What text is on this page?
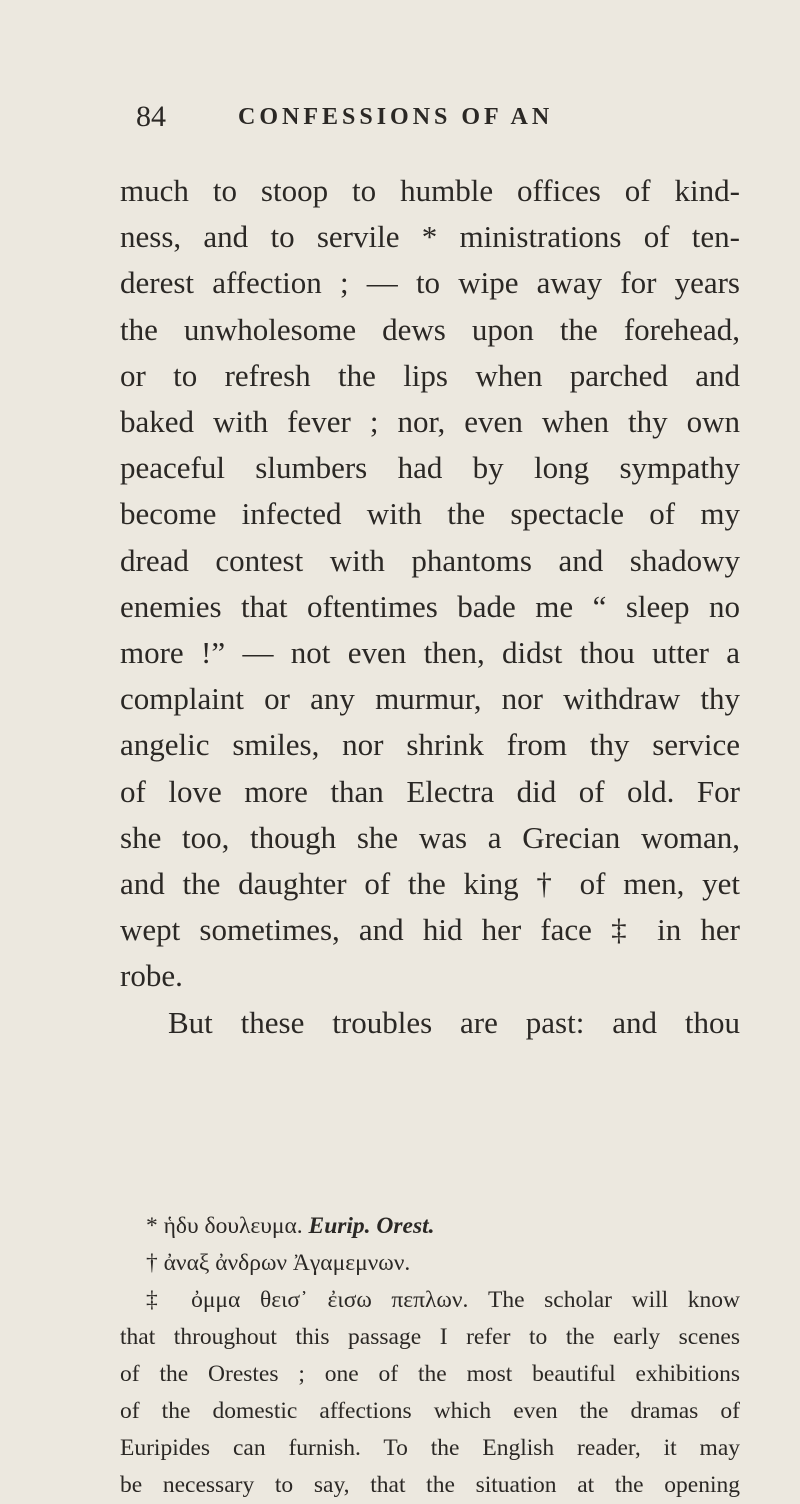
84	CONFESSIONS OF AN
much to stoop to humble offices of kind-
ness, and to servile * ministrations of ten-
derest affection ; — to wipe away for years
the unwholesome dews upon the forehead,
or to refresh the lips when parched and
baked with fever ; nor, even when thy own
peaceful slumbers had by long sympathy
become infected with the spectacle of my
dread contest with phantoms and shadowy
enemies that oftentimes bade me “ sleep no
more !” — not even then, didst thou utter a
complaint or any murmur, nor withdraw thy
angelic smiles, nor shrink from thy service
of love more than Electra did of old. For
she too, though she was a Grecian woman,
and the daughter of the king † of men, yet
wept sometimes, and hid her face ‡ in her
robe.
But these troubles are past: and thou
* ἡδυ δουλευμα. Eurip. Orest.
† ἀναξ ἀνδρων Ἀγαμεμνων.
‡ ὀμμα θεισ᾽ ἐισω πεπλων. The scholar will know
that throughout this passage I refer to the early scenes
of the Orestes ; one of the most beautiful exhibitions
of the domestic affections which even the dramas of
Euripides can furnish. To the English reader, it may
be necessary to say, that the situation at the opening
